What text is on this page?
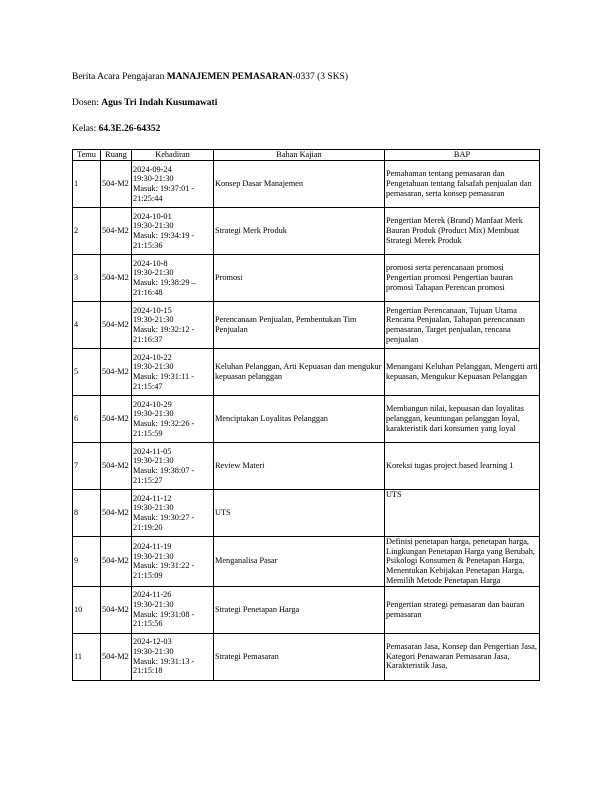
Berita Acara Pengajaran MANAJEMEN PEMASARAN-0337 (3 SKS)
Dosen: Agus Tri Indah Kusumawati
Kelas: 64.3E.26-64352
Temu	Ruang	Kehadiran	Bahan Kajian	BAP
1	504-M2	2024-09-24
19:30-21:30
Masuk: 19:37:01 -
21:25:44	Konsep Dasar Manajemen	Pemahaman tentang pemasaran dan Pengetahuan tentang falsafah penjualan dan pemasaran, serta konsep pemasaran
2	504-M2	2024-10-01
19:30-21:30
Masuk: 19:34:19 -
21:15:36	Strategi Merk Produk	Pengertian Merek (Brand) Manfaat Merk Bauran Produk (Product Mix) Membuat Strategi Merek Produk
3	504-M2	2024-10-8
19:30-21:30
Masuk: 19:38:29 –
21:16:48	Promosi	promosi serta perencanaan promosi Pengertian promosi Pengertian bauran promosi Tahapan Perencan promosi
4	504-M2	2024-10-15
19:30-21:30
Masuk: 19:32:12 -
21:16:37	Perencanaan Penjualan, Pembentukan Tim Penjualan	Pengertian Perencanaan, Tujuan Utama Rencana Penjualan, Tahapan perencanaan pemasaran, Target penjualan, rencana penjualan
5	504-M2	2024-10-22
19:30-21:30
Masuk: 19:31:11 -
21:15:47	Keluhan Pelanggan, Arti Kepuasan dan mengukur kepuasan pelanggan	Menangani Keluhan Pelanggan, Mengerti arti kepuasan, Mengukur Kepuasan Pelanggan
6	504-M2	2024-10-29
19:30-21:30
Masuk: 19:32:26 -
21:15:59	Menciptakan Loyalitas Pelanggan	Membangun nilai, kepuasan dan loyalitas pelanggan, keuntungan pelanggan loyal, karakteristik dari konsumen yang loyal
7	504-M2	2024-11-05
19:30-21:30
Masuk: 19:38:07 -
21:15:27	Review Materi	Koreksi tugas project based learning 1
8	504-M2	2024-11-12
19:30-21:30
Masuk: 19:30:27 -
21:19:20	UTS	UTS
9	504-M2	2024-11-19
19:30-21:30
Masuk: 19:31:22 -
21:15:09	Menganalisa Pasar	Definisi penetapan harga, penetapan harga, Lingkungan Penetapan Harga yang Berubah, Psikologi Konsumen & Penetapan Harga, Menentukan Kebijakan Penetapan Harga, Memilih Metode Penetapan Harga
10	504-M2	2024-11-26
19:30-21:30
Masuk: 19:31:08 -
21:15:56	Strategi Penetapan Harga	Pengertian strategi pemasaran dan bauran pemasaran
11	504-M2	2024-12-03
19:30-21:30
Masuk: 19:31:13 -
21:15:18	Strategi Pemasaran	Pemasaran Jasa, Konsep dan Pengertian Jasa, Kategori Penawaran Pemasaran Jasa, Karakteristik Jasa,
